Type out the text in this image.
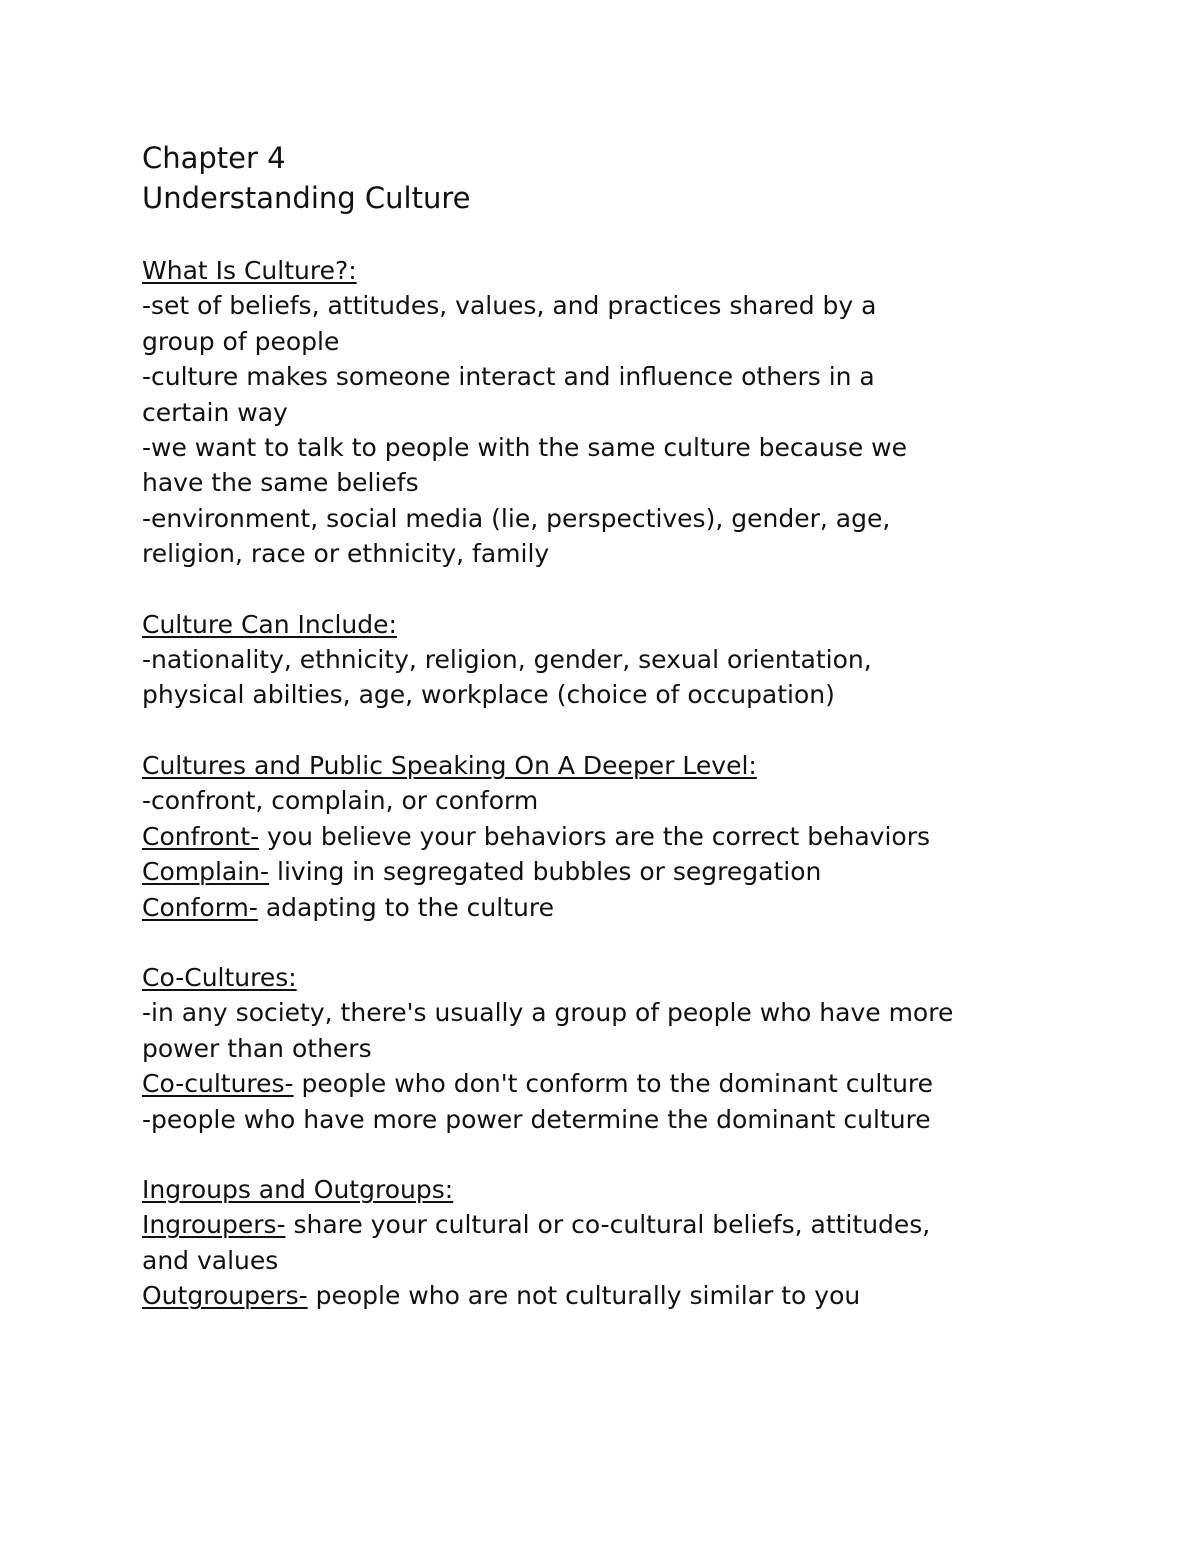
Chapter 4
Understanding Culture
What Is Culture?:
-set of beliefs, attitudes, values, and practices shared by a
group of people
-culture makes someone interact and influence others in a
certain way
-we want to talk to people with the same culture because we
have the same beliefs
-environment, social media (lie, perspectives), gender, age,
religion, race or ethnicity, family
Culture Can Include:
-nationality, ethnicity, religion, gender, sexual orientation,
physical abilties, age, workplace (choice of occupation)
Cultures and Public Speaking On A Deeper Level:
-confront, complain, or conform
Confront- you believe your behaviors are the correct behaviors
Complain- living in segregated bubbles or segregation
Conform- adapting to the culture
Co-Cultures:
-in any society, there's usually a group of people who have more
power than others
Co-cultures- people who don't conform to the dominant culture
-people who have more power determine the dominant culture
Ingroups and Outgroups:
Ingroupers- share your cultural or co-cultural beliefs, attitudes,
and values
Outgroupers- people who are not culturally similar to you
